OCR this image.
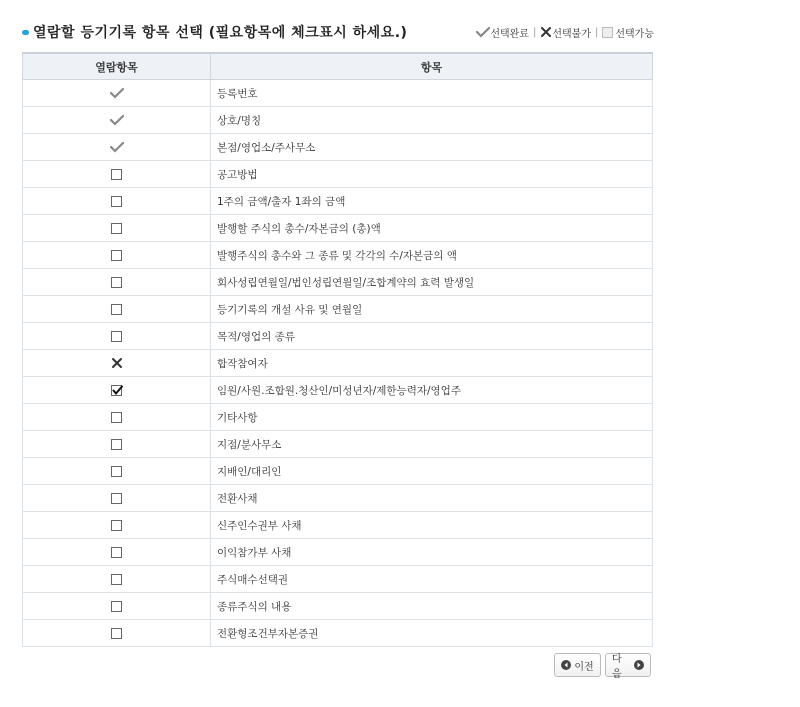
열람할 등기기록 항목 선택 (필요항목에 체크표시 하세요.)	선택완료 | 선택불가 | 선택가능
열람항목	항목

	등록번호

	상호/명칭

	본점/영업소/주사무소

	공고방법

	1주의 금액/출자 1좌의 금액

	발행할 주식의 총수/자본금의 (총)액

	발행주식의 총수와 그 종류 및 각각의 수/자본금의 액

	회사성립연월일/법인성립연월일/조합계약의 효력 발생일

	등기기록의 개설 사유 및 연월일

	목적/영업의 종류

	합작참여자

	임원/사원.조합원.청산인/미성년자/제한능력자/영업주

	기타사항

	지점/분사무소

	지배인/대리인

	전환사채

	신주인수권부 사채

	이익참가부 사채

	주식매수선택권

	종류주식의 내용

	전환형조건부자본증권
이전
다음
